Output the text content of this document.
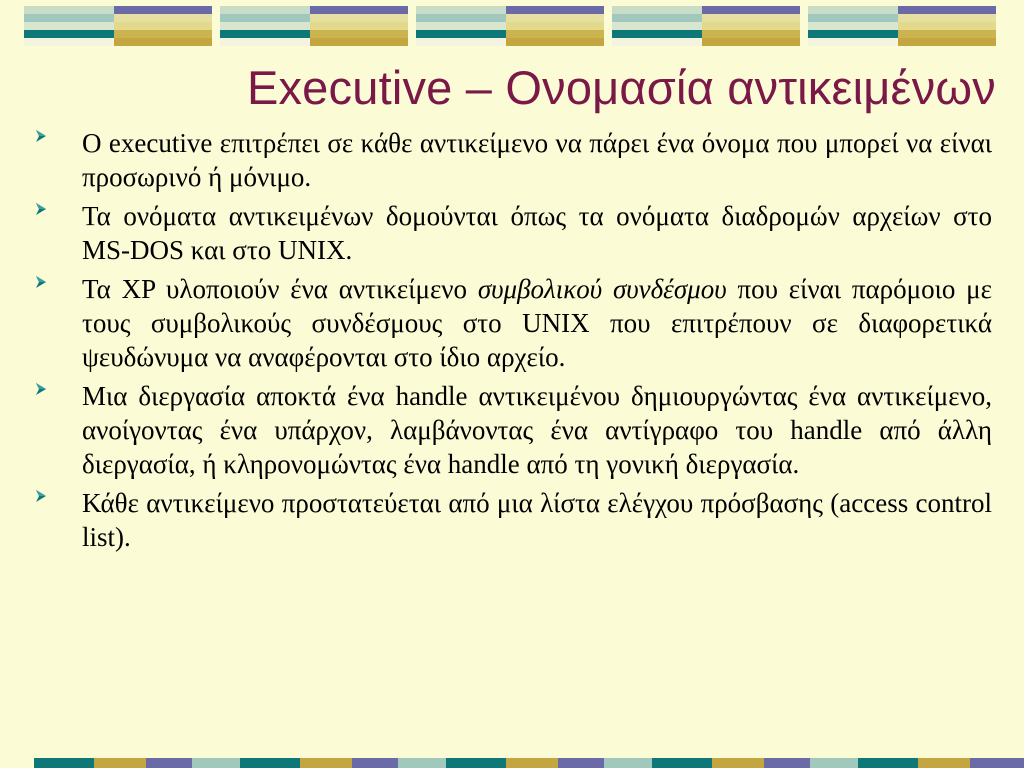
Executive – Ονομασία αντικειμένων
Ο executive επιτρέπει σε κάθε αντικείμενο να πάρει ένα όνομα που μπορεί να είναι προσωρινό ή μόνιμο.
Τα ονόματα αντικειμένων δομούνται όπως τα ονόματα διαδρομών αρχείων στο MS-DOS και στο UNIX.
Τα XP υλοποιούν ένα αντικείμενο συμβολικού συνδέσμου που είναι παρόμοιο με τους συμβολικούς συνδέσμους στο UNIX που επιτρέπουν σε διαφορετικά ψευδώνυμα να αναφέρονται στο ίδιο αρχείο.
Μια διεργασία αποκτά ένα handle αντικειμένου δημιουργώντας ένα αντικείμενο, ανοίγοντας ένα υπάρχον, λαμβάνοντας ένα αντίγραφο του handle από άλλη διεργασία, ή κληρονομώντας ένα handle από τη γονική διεργασία.
Κάθε αντικείμενο προστατεύεται από μια λίστα ελέγχου πρόσβασης (access control list).
